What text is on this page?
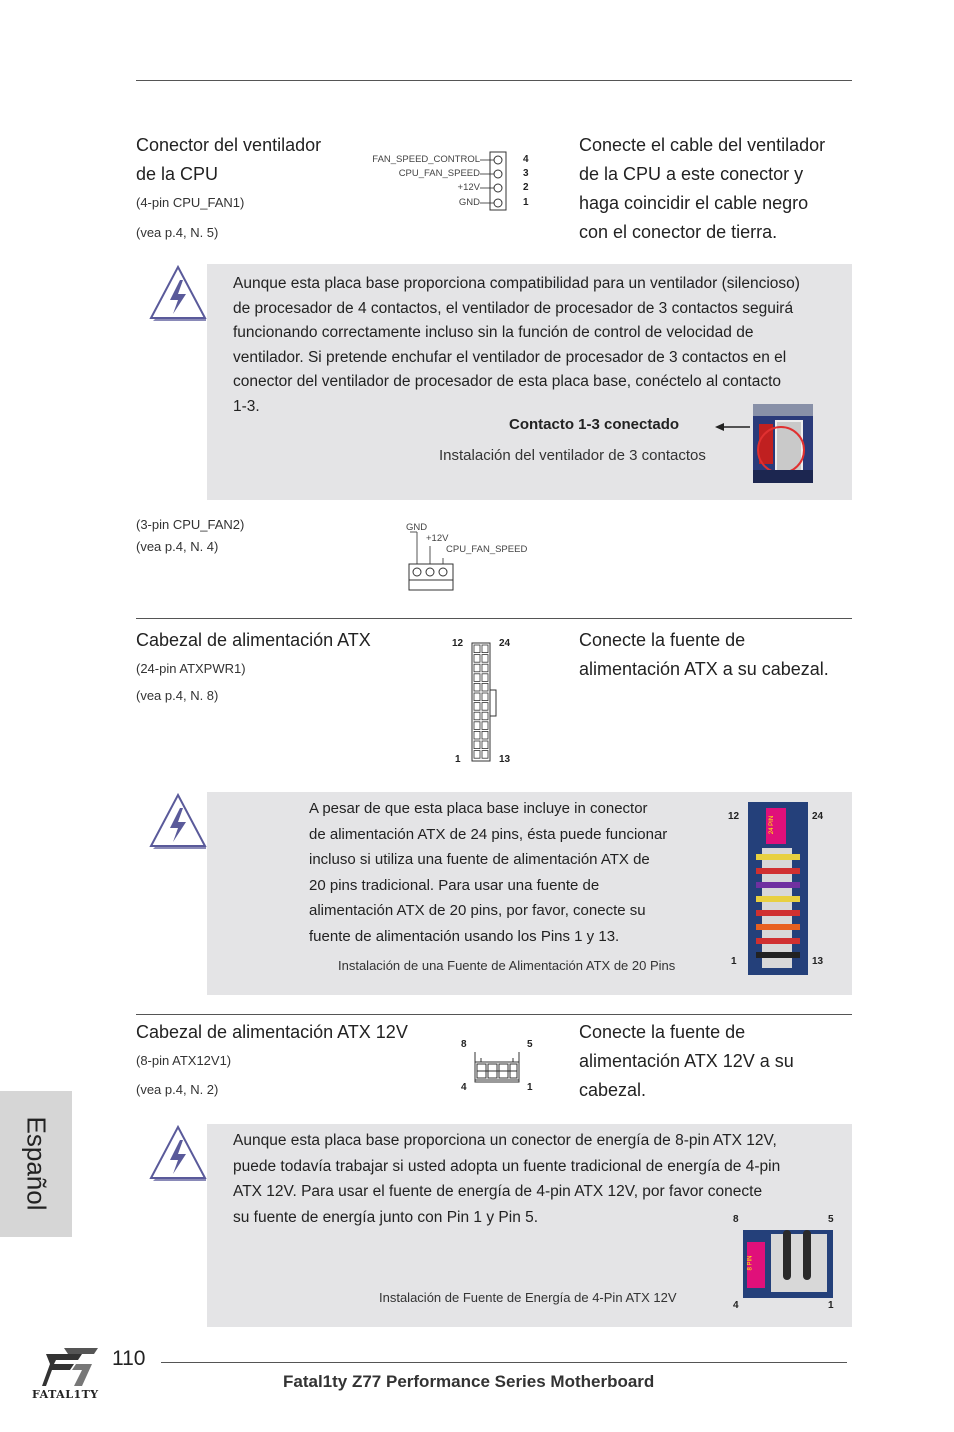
Conector del ventilador
de la CPU
(4-pin CPU_FAN1)
(vea p.4, N. 5)
FAN_SPEED_CONTROL
CPU_FAN_SPEED
+12V
GND
4
3
2
1
Conecte el cable del ventilador
de la CPU a este conector y
haga coincidir el cable negro
con el conector de tierra.
Aunque esta placa base proporciona compatibilidad para un ventilador (silencioso)
de procesador de 4 contactos, el ventilador de procesador de 3 contactos seguirá
funcionando correctamente incluso sin la función de control de velocidad de
ventilador. Si pretende enchufar el ventilador de procesador de 3 contactos en el
conector del ventilador de procesador de esta placa base, conéctelo al contacto
1-3.
Contacto 1-3 conectado
Instalación del ventilador de 3 contactos
(3-pin CPU_FAN2)
(vea p.4, N. 4)
GND
+12V
CPU_FAN_SPEED
Cabezal de alimentación ATX
(24-pin ATXPWR1)
(vea p.4, N. 8)
12	24
1	13
Conecte la fuente de
alimentación ATX a su cabezal.
A pesar de que esta placa base incluye in conector
de alimentación ATX de 24 pins, ésta puede funcionar
incluso si utiliza una fuente de alimentación ATX de
20 pins tradicional. Para usar una fuente de
alimentación ATX de 20 pins, por favor, conecte su
fuente de alimentación usando los Pins 1 y 13.
Instalación de una Fuente de Alimentación ATX de 20 Pins
12	24
1	13
24 PIN
Cabezal de alimentación ATX 12V
(8-pin ATX12V1)
(vea p.4, N. 2)
8	5
4	1
Conecte la fuente de
alimentación ATX 12V a su
cabezal.
Aunque esta placa base proporciona un conector de energía de 8-pin ATX 12V,
puede todavía trabajar si usted adopta un fuente tradicional de energía de 4-pin
ATX 12V. Para usar el fuente de energía de 4-pin ATX 12V, por favor conecte
su fuente de energía junto con Pin 1 y Pin 5.
Instalación de Fuente de Energía de 4-Pin ATX 12V
8	5
4	1
8 PIN
Español
FATAL1TY
110
Fatal1ty Z77 Performance Series Motherboard
